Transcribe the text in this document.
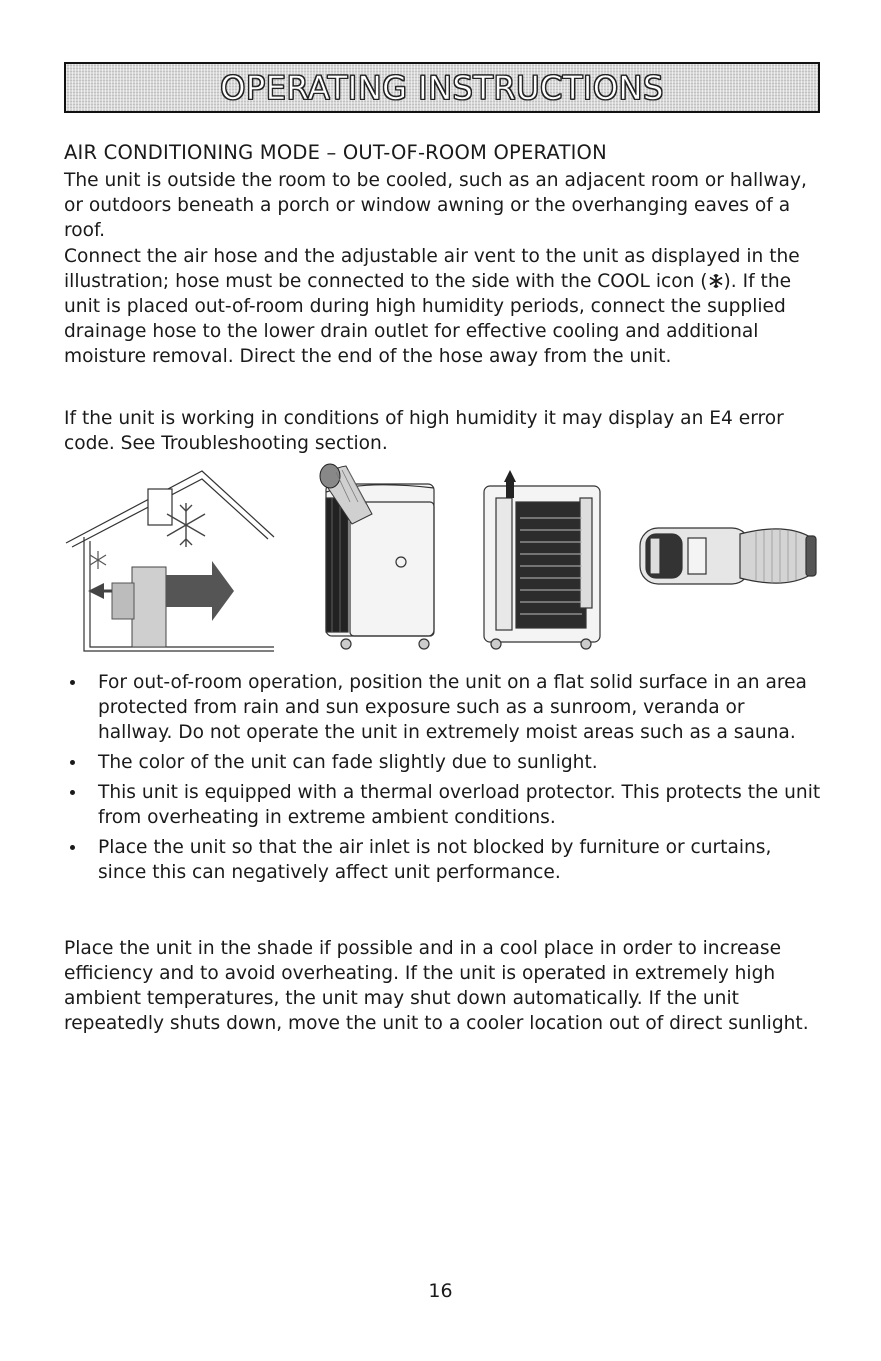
OPERATING INSTRUCTIONS
AIR CONDITIONING MODE – OUT-OF-ROOM OPERATION

The unit is outside the room to be cooled, such as an adjacent room or hallway, or outdoors beneath a porch or window awning or the overhanging eaves of a roof.

Connect the air hose and the adjustable air vent to the unit as displayed in the illustration; hose must be connected to the side with the COOL icon ( ). If the unit is placed out-of-room during high humidity periods, connect the supplied drainage hose to the lower drain outlet for effective cooling and additional moisture removal. Direct the end of the hose away from the unit.

If the unit is working in conditions of high humidity it may display an E4 error code. See Troubleshooting section.

For out-of-room operation, position the unit on a flat solid surface in an area protected from rain and sun exposure such as a sunroom, veranda or hallway. Do not operate the unit in extremely moist areas such as a sauna.
The color of the unit can fade slightly due to sunlight.
This unit is equipped with a thermal overload protector. This protects the unit from overheating in extreme ambient conditions.
Place the unit so that the air inlet is not blocked by furniture or curtains, since this can negatively affect unit performance.

Place the unit in the shade if possible and in a cool place in order to increase efficiency and to avoid overheating. If the unit is operated in extremely high ambient temperatures, the unit may shut down automatically. If the unit repeatedly shuts down, move the unit to a cooler location out of direct sunlight.

16
